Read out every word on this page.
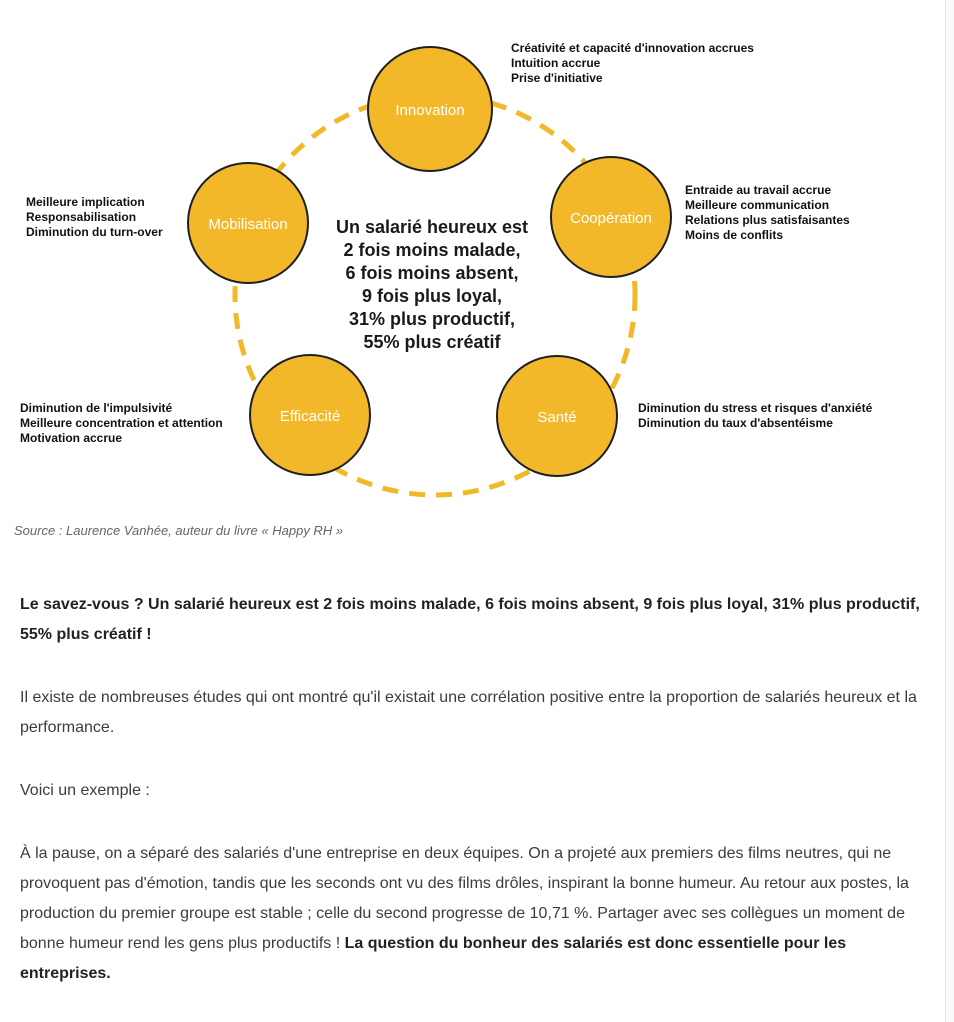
Innovation
Coopération
Santé
Efficacité
Mobilisation	Un salarié heureux est
2 fois moins malade,
6 fois moins absent,
9 fois plus loyal,
31% plus productif,
55% plus créatif
Créativité et capacité d'innovation accrues
Intuition accrue
Prise d'initiative
Entraide au travail accrue
Meilleure communication
Relations plus satisfaisantes
Moins de conflits
Diminution du stress et risques d'anxiété
Diminution du taux d'absentéisme
Diminution de l'impulsivité
Meilleure concentration et attention
Motivation accrue
Meilleure implication
Responsabilisation
Diminution du turn-over
Source : Laurence Vanhée, auteur du livre « Happy RH »

Le savez-vous ? Un salarié heureux est 2 fois moins malade, 6 fois moins absent, 9 fois plus loyal, 31% plus productif, 55% plus créatif !

Il existe de nombreuses études qui ont montré qu'il existait une corrélation positive entre la proportion de salariés heureux et la performance.

Voici un exemple :

À la pause, on a séparé des salariés d'une entreprise en deux équipes. On a projeté aux premiers des films neutres, qui ne provoquent pas d'émotion, tandis que les seconds ont vu des films drôles, inspirant la bonne humeur. Au retour aux postes, la production du premier groupe est stable ; celle du second progresse de 10,71 %. Partager avec ses collègues un moment de bonne humeur rend les gens plus productifs ! La question du bonheur des salariés est donc essentielle pour les entreprises.
